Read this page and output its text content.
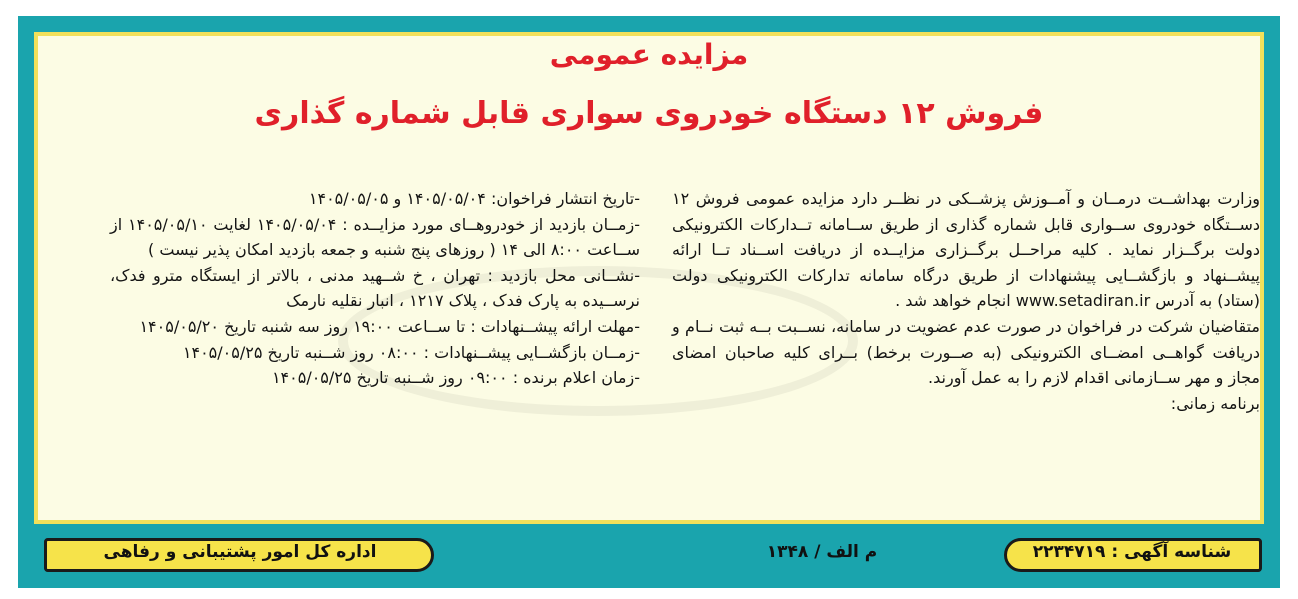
مزایده عمومی
فروش ۱۲ دستگاه خودروی سواری قابل شماره گذاری

وزارت بهداشــت درمــان و آمــوزش پزشــکی در نظــر دارد مزایده عمومی فروش ۱۲ دســتگاه خودروی ســواری قابل شماره گذاری از طریق ســامانه تــدارکات الکترونیکی دولت برگــزار نماید . کلیه مراحــل برگــزاری مزایــده از دریافت اســناد تــا ارائه پیشــنهاد و بازگشــایی پیشنهادات از طریق درگاه سامانه تدارکات الکترونیکی دولت (ستاد) به آدرس www.setadiran.ir انجام خواهد شد .

متقاضیان شرکت در فراخوان در صورت عدم عضویت در سامانه، نســبت بــه ثبت نــام و دریافت گواهــی امضــای الکترونیکی (به صــورت برخط) بــرای کلیه صاحبان امضای مجاز و مهر ســازمانی اقدام لازم را به عمل آورند.

برنامه زمانی:

-تاریخ انتشار فراخوان: ۱۴۰۵/۰۵/۰۴ و ۱۴۰۵/۰۵/۰۵

-زمــان بازدید از خودروهــای مورد مزایــده : ۱۴۰۵/۰۵/۰۴ لغایت ۱۴۰۵/۰۵/۱۰ از ســاعت ۸:۰۰ الی ۱۴ ( روزهای پنج شنبه و جمعه بازدید امکان پذیر نیست )

-نشــانی محل بازدید : تهران ، خ شــهید مدنی ، بالاتر از ایستگاه مترو فدک، نرســیده به پارک فدک ، پلاک ۱۲۱۷ ، انبار نقلیه نارمک

-مهلت ارائه پیشــنهادات : تا ســاعت ۱۹:۰۰ روز سه شنبه تاریخ ۱۴۰۵/۰۵/۲۰

-زمــان بازگشــایی پیشــنهادات : ۰۸:۰۰ روز شــنبه تاریخ ۱۴۰۵/۰۵/۲۵

-زمان اعلام برنده : ۰۹:۰۰ روز شــنبه تاریخ ۱۴۰۵/۰۵/۲۵

اداره کل امور پشتیبانی و رفاهی	م الف / ۱۳۴۸	شناسه آگهی : ۲۲۳۴۷۱۹
